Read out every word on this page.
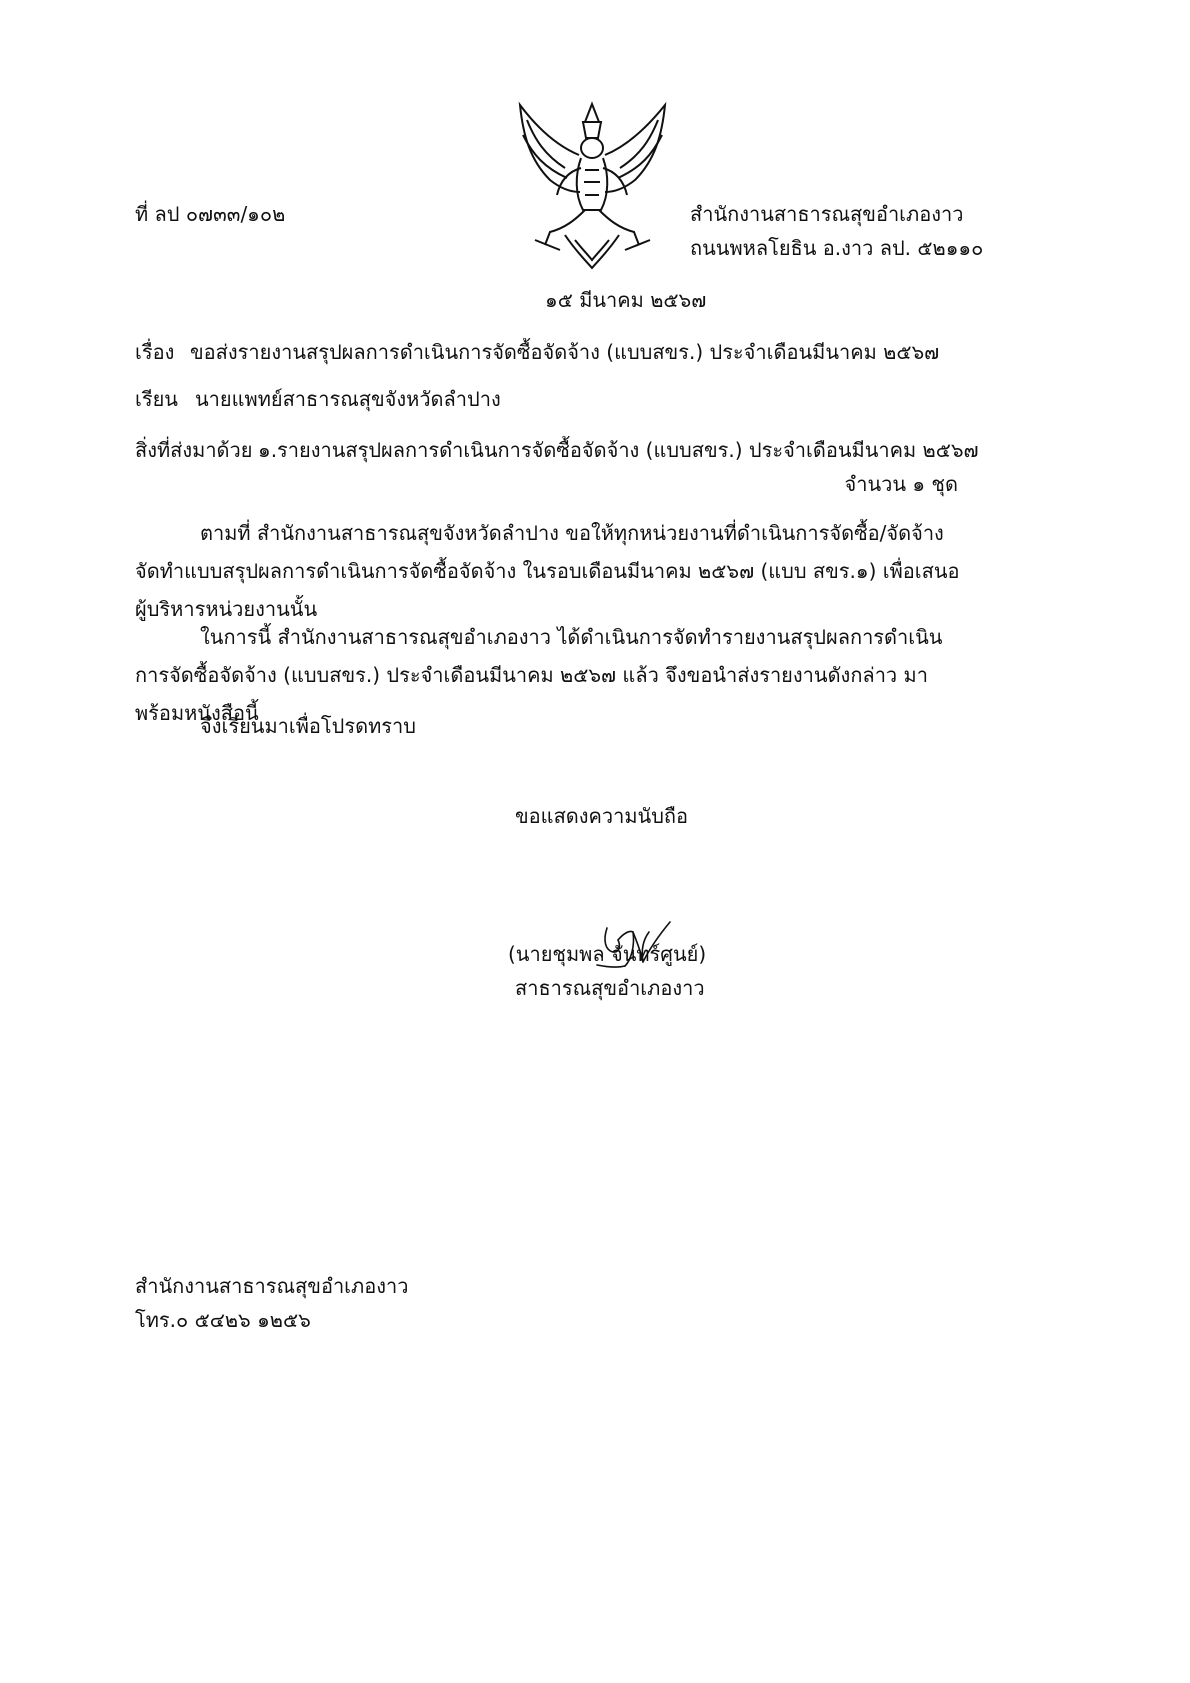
ที่ ลป ๐๗๓๓/๑๐๒	สำนักงานสาธารณสุขอำเภองาว
ถนนพหลโยธิน อ.งาว ลป. ๕๒๑๑๐
๑๕ มีนาคม ๒๕๖๗
เรื่อง ขอส่งรายงานสรุปผลการดำเนินการจัดซื้อจัดจ้าง (แบบสขร.) ประจำเดือนมีนาคม ๒๕๖๗
เรียน นายแพทย์สาธารณสุขจังหวัดลำปาง
สิ่งที่ส่งมาด้วย ๑.รายงานสรุปผลการดำเนินการจัดซื้อจัดจ้าง (แบบสขร.) ประจำเดือนมีนาคม ๒๕๖๗
จำนวน ๑ ชุด
ตามที่ สำนักงานสาธารณสุขจังหวัดลำปาง ขอให้ทุกหน่วยงานที่ดำเนินการจัดซื้อ/จัดจ้าง จัดทำแบบสรุปผลการดำเนินการจัดซื้อจัดจ้าง ในรอบเดือนมีนาคม ๒๕๖๗ (แบบ สขร.๑) เพื่อเสนอผู้บริหารหน่วยงานนั้น
ในการนี้ สำนักงานสาธารณสุขอำเภองาว ได้ดำเนินการจัดทำรายงานสรุปผลการดำเนินการจัดซื้อจัดจ้าง (แบบสขร.) ประจำเดือนมีนาคม ๒๕๖๗ แล้ว จึงขอนำส่งรายงานดังกล่าว มาพร้อมหนังสือนี้
จึงเรียนมาเพื่อโปรดทราบ
ขอแสดงความนับถือ
(นายชุมพล จันทร์ศูนย์)
สาธารณสุขอำเภองาว
สำนักงานสาธารณสุขอำเภองาว
โทร.๐ ๕๔๒๖ ๑๒๕๖
